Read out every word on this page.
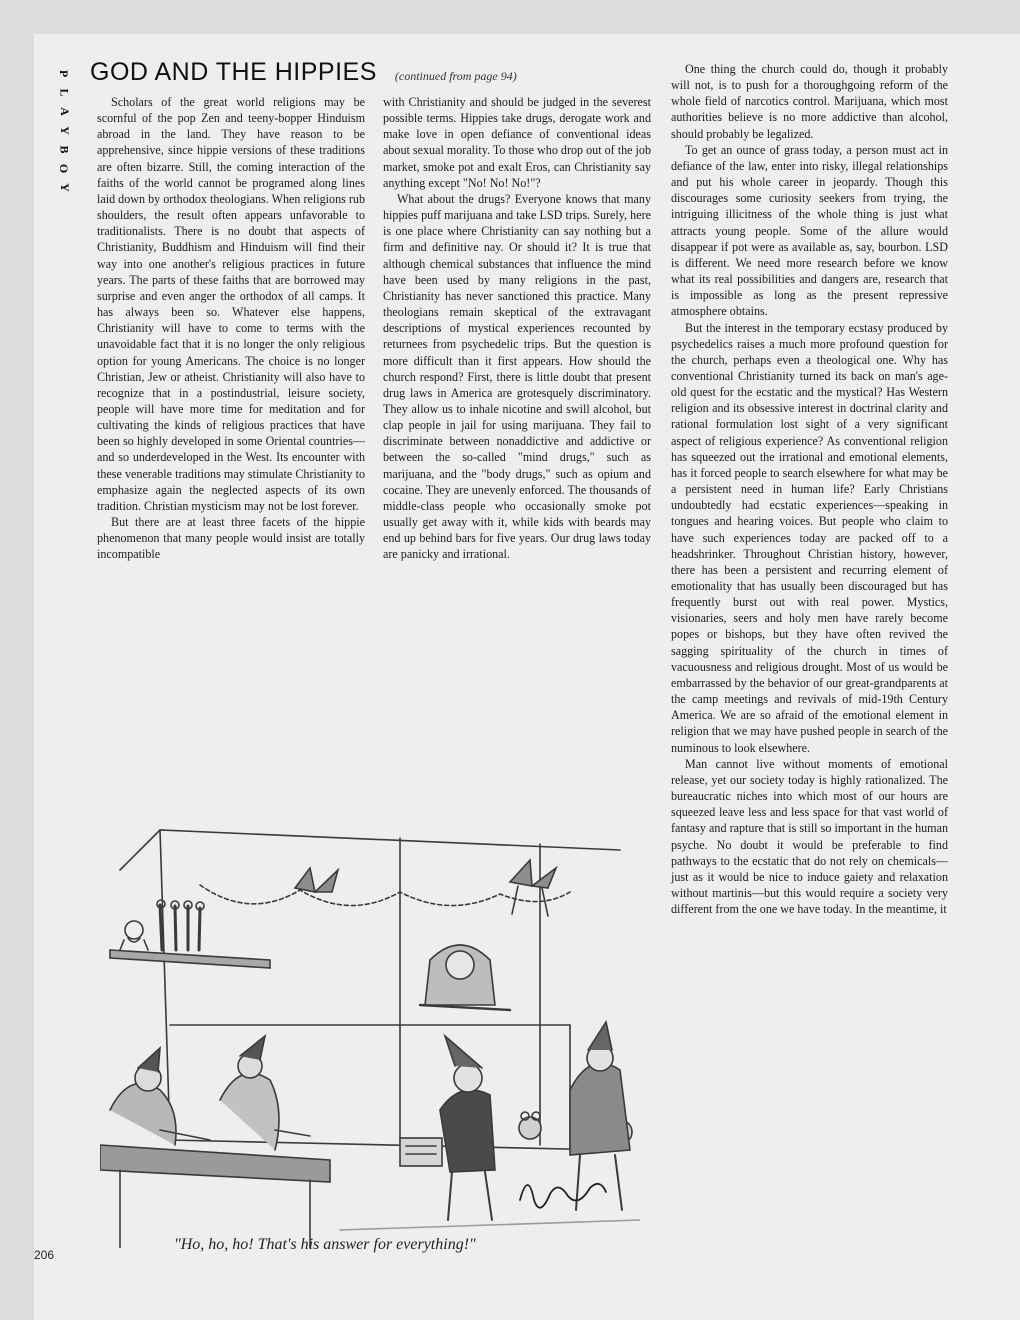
P
L
A
Y
B
O
Y
GOD AND THE HIPPIES (continued from page 94)

Scholars of the great world religions may be scornful of the pop Zen and teeny-bopper Hinduism abroad in the land. They have reason to be apprehensive, since hippie versions of these traditions are often bizarre. Still, the coming interaction of the faiths of the world cannot be programed along lines laid down by orthodox theologians. When religions rub shoulders, the result often appears unfavorable to traditionalists. There is no doubt that aspects of Christianity, Buddhism and Hinduism will find their way into one another's religious practices in future years. The parts of these faiths that are borrowed may surprise and even anger the orthodox of all camps. It has always been so. Whatever else happens, Christianity will have to come to terms with the unavoidable fact that it is no longer the only religious option for young Americans. The choice is no longer Christian, Jew or atheist. Christianity will also have to recognize that in a postindustrial, leisure society, people will have more time for meditation and for cultivating the kinds of religious practices that have been so highly developed in some Oriental countries—and so underdeveloped in the West. Its encounter with these venerable traditions may stimulate Christianity to emphasize again the neglected aspects of its own tradition. Christian mysticism may not be lost forever.

But there are at least three facets of the hippie phenomenon that many people would insist are totally incompatible

with Christianity and should be judged in the severest possible terms. Hippies take drugs, derogate work and make love in open defiance of conventional ideas about sexual morality. To those who drop out of the job market, smoke pot and exalt Eros, can Christianity say anything except "No! No! No!"?

What about the drugs? Everyone knows that many hippies puff marijuana and take LSD trips. Surely, here is one place where Christianity can say nothing but a firm and definitive nay. Or should it? It is true that although chemical substances that influence the mind have been used by many religions in the past, Christianity has never sanctioned this practice. Many theologians remain skeptical of the extravagant descriptions of mystical experiences recounted by returnees from psychedelic trips. But the question is more difficult than it first appears. How should the church respond? First, there is little doubt that present drug laws in America are grotesquely discriminatory. They allow us to inhale nicotine and swill alcohol, but clap people in jail for using marijuana. They fail to discriminate between nonaddictive and addictive or between the so-called "mind drugs," such as marijuana, and the "body drugs," such as opium and cocaine. They are unevenly enforced. The thousands of middle-class people who occasionally smoke pot usually get away with it, while kids with beards may end up behind bars for five years. Our drug laws today are panicky and irrational.

One thing the church could do, though it probably will not, is to push for a thoroughgoing reform of the whole field of narcotics control. Marijuana, which most authorities believe is no more addictive than alcohol, should probably be legalized.

To get an ounce of grass today, a person must act in defiance of the law, enter into risky, illegal relationships and put his whole career in jeopardy. Though this discourages some curiosity seekers from trying, the intriguing illicitness of the whole thing is just what attracts young people. Some of the allure would disappear if pot were as available as, say, bourbon. LSD is different. We need more research before we know what its real possibilities and dangers are, research that is impossible as long as the present repressive atmosphere obtains.

But the interest in the temporary ecstasy produced by psychedelics raises a much more profound question for the church, perhaps even a theological one. Why has conventional Christianity turned its back on man's age-old quest for the ecstatic and the mystical? Has Western religion and its obsessive interest in doctrinal clarity and rational formulation lost sight of a very significant aspect of religious experience? As conventional religion has squeezed out the irrational and emotional elements, has it forced people to search elsewhere for what may be a persistent need in human life? Early Christians undoubtedly had ecstatic experiences—speaking in tongues and hearing voices. But people who claim to have such experiences today are packed off to a headshrinker. Throughout Christian history, however, there has been a persistent and recurring element of emotionality that has usually been discouraged but has frequently burst out with real power. Mystics, visionaries, seers and holy men have rarely become popes or bishops, but they have often revived the sagging spirituality of the church in times of vacuousness and religious drought. Most of us would be embarrassed by the behavior of our great-grandparents at the camp meetings and revivals of mid-19th Century America. We are so afraid of the emotional element in religion that we may have pushed people in search of the numinous to look elsewhere.

Man cannot live without moments of emotional release, yet our society today is highly rationalized. The bureaucratic niches into which most of our hours are squeezed leave less and less space for that vast world of fantasy and rapture that is still so important in the human psyche. No doubt it would be preferable to find pathways to the ecstatic that do not rely on chemicals—just as it would be nice to induce gaiety and relaxation without martinis—but this would require a society very different from the one we have today. In the meantime, it

"Ho, ho, ho! That's his answer for everything!"
206
